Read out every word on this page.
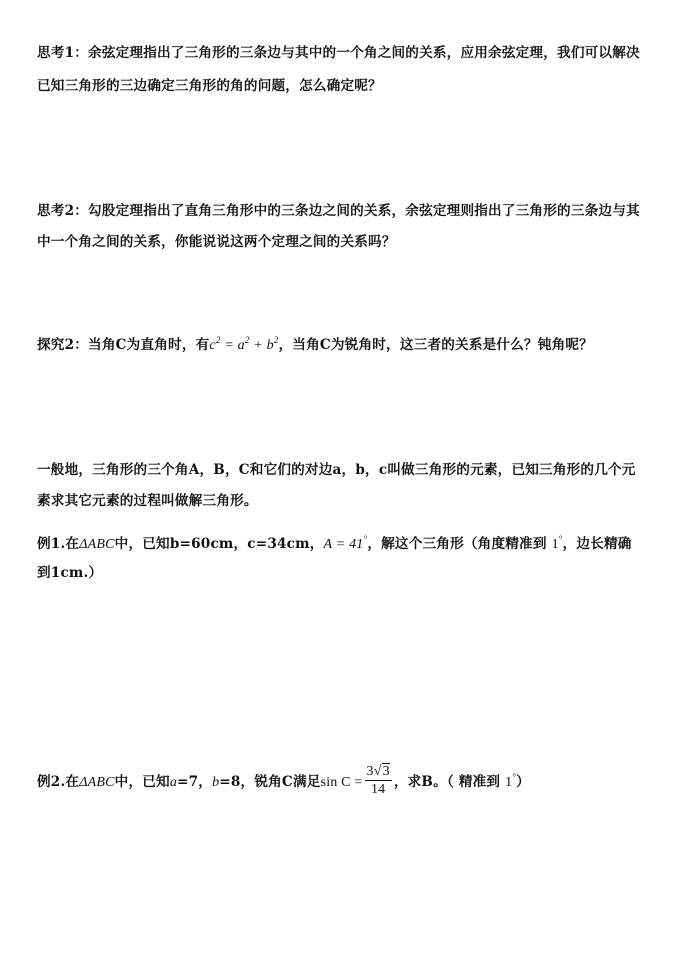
思考1：余弦定理指出了三角形的三条边与其中的一个角之间的关系，应用余弦定理，我们可以解决
已知三角形的三边确定三角形的角的问题，怎么确定呢？
思考2：勾股定理指出了直角三角形中的三条边之间的关系，余弦定理则指出了三角形的三条边与其
中一个角之间的关系，你能说说这两个定理之间的关系吗？
探究2：当角C为直角时，有$c^2 = a^2 + b^2$，当角C为锐角时，这三者的关系是什么？钝角呢？
一般地，三角形的三个角A，B，C和它们的对边a，b，c叫做三角形的元素，已知三角形的几个元
素求其它元素的过程叫做解三角形。
例1.在ΔABC中，已知b=60cm，c=34cm，A = 41°，解这个三角形（角度精准到 1°，边长精确
到1cm.）
例2.在ΔABC中，已知a=7，b=8，锐角C满足$\sin C = \frac{3√3}{14}$ ，求B。（ 精准到 1°）
